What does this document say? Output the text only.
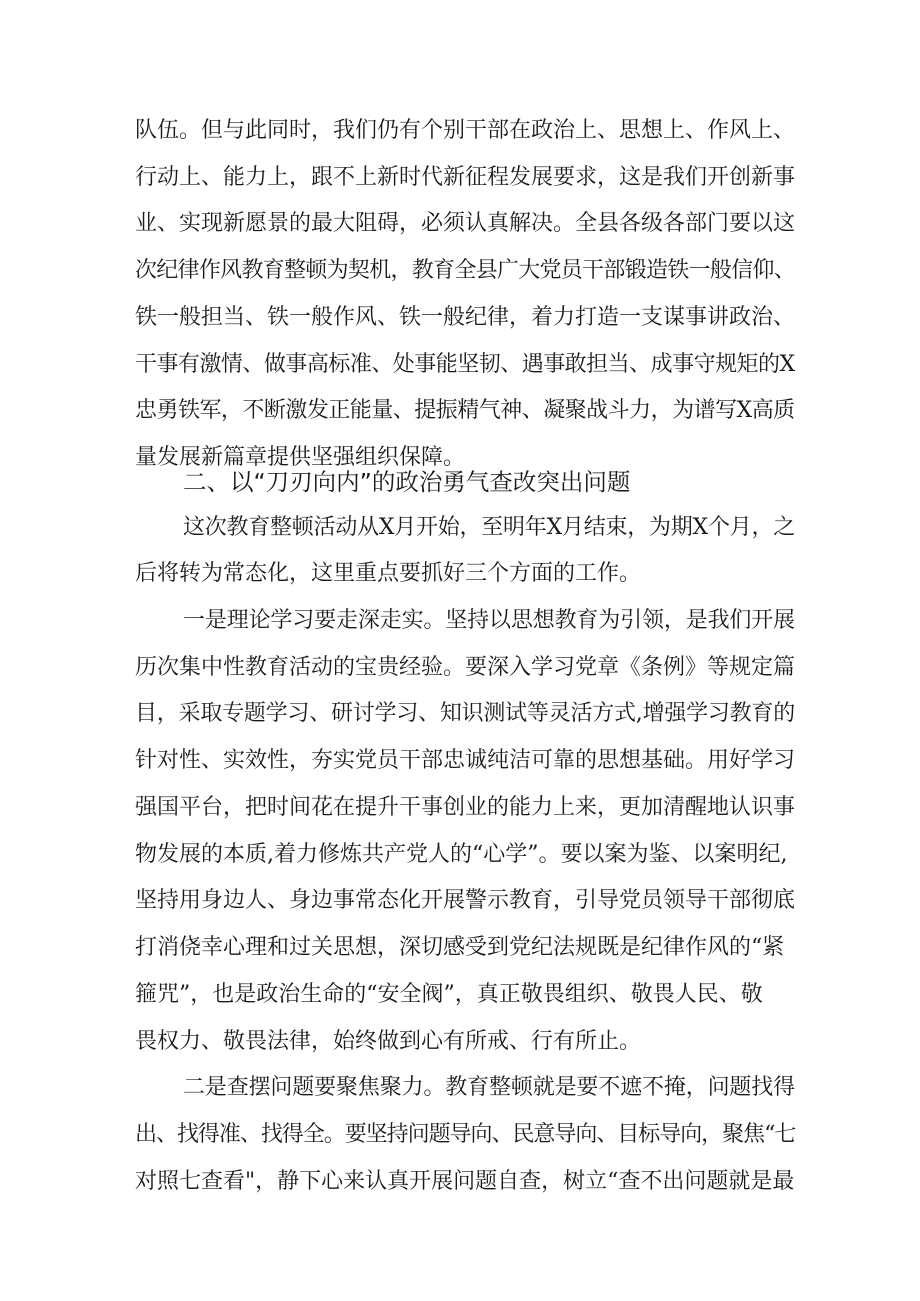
队伍。但与此同时，我们仍有个别干部在政治上、思想上、作风上、
行动上、能力上，跟不上新时代新征程发展要求，这是我们开创新事
业、实现新愿景的最大阻碍，必须认真解决。全县各级各部门要以这
次纪律作风教育整顿为契机，教育全县广大党员干部锻造铁一般信仰、
铁一般担当、铁一般作风、铁一般纪律，着力打造一支谋事讲政治、
干事有激情、做事高标准、处事能坚韧、遇事敢担当、成事守规矩的X
忠勇铁军，不断激发正能量、提振精气神、凝聚战斗力，为谱写X高质
量发展新篇章提供坚强组织保障。
二、以“刀刃向内”的政治勇气查改突出问题
这次教育整顿活动从X月开始，至明年X月结束，为期X个月，之
后将转为常态化，这里重点要抓好三个方面的工作。
一是理论学习要走深走实。坚持以思想教育为引领，是我们开展
历次集中性教育活动的宝贵经验。要深入学习党章《条例》等规定篇
目，采取专题学习、研讨学习、知识测试等灵活方式,增强学习教育的
针对性、实效性，夯实党员干部忠诚纯洁可靠的思想基础。用好学习
强国平台，把时间花在提升干事创业的能力上来，更加清醒地认识事
物发展的本质,着力修炼共产党人的“心学”。要以案为鉴、以案明纪,
坚持用身边人、身边事常态化开展警示教育，引导党员领导干部彻底
打消侥幸心理和过关思想，深切感受到党纪法规既是纪律作风的“紧
箍咒”，也是政治生命的“安全阀”，真正敬畏组织、敬畏人民、敬
畏权力、敬畏法律，始终做到心有所戒、行有所止。
二是查摆问题要聚焦聚力。教育整顿就是要不遮不掩，问题找得
出、找得准、找得全。要坚持问题导向、民意导向、目标导向，聚焦“七
对照七查看"，静下心来认真开展问题自查，树立“查不出问题就是最
